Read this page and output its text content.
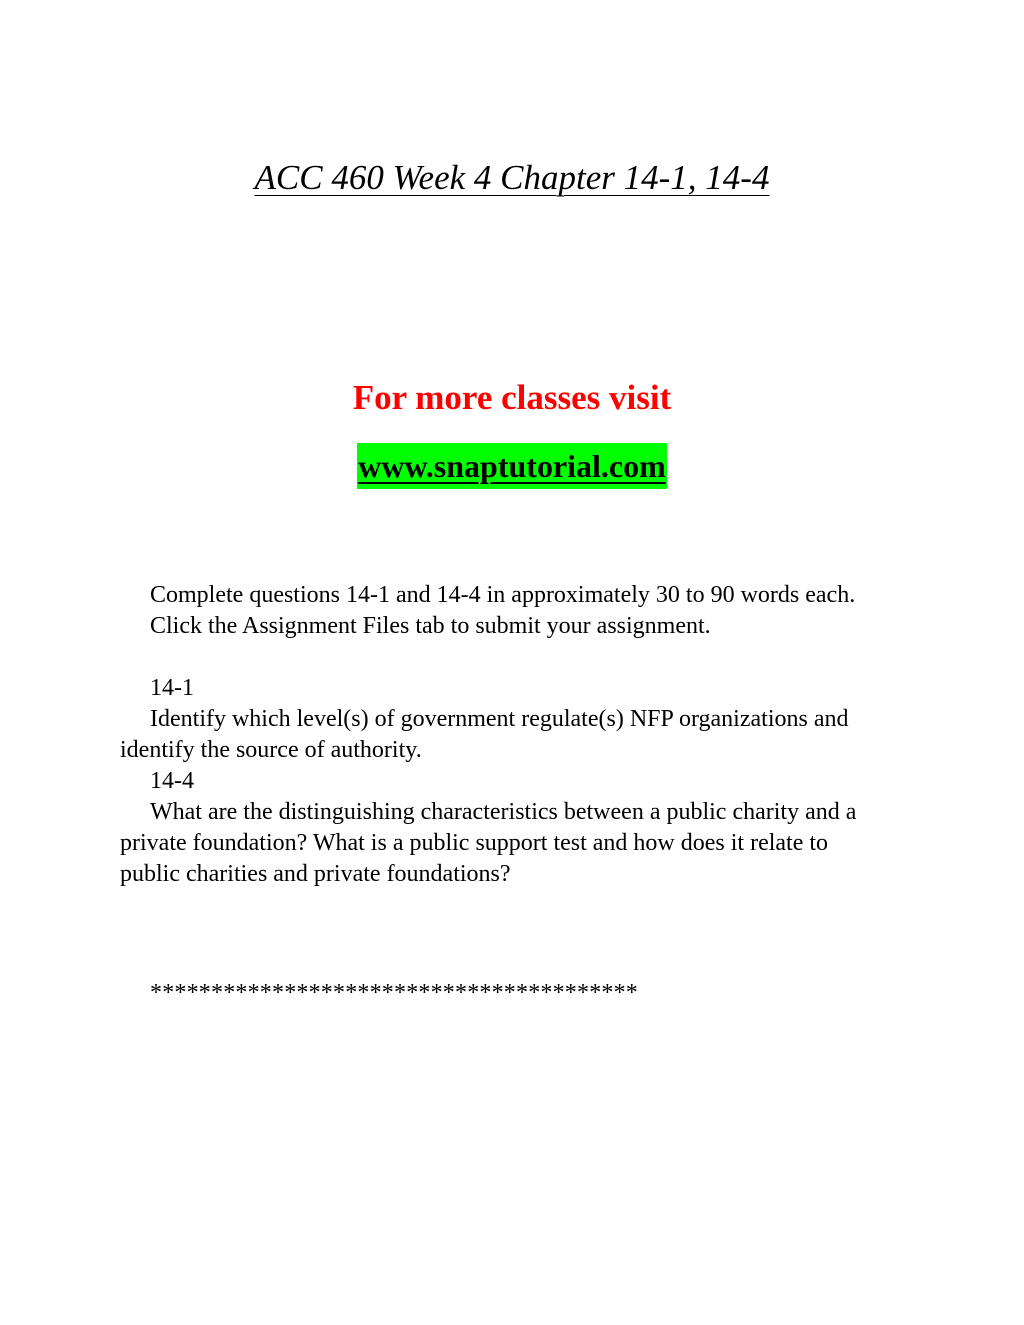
ACC 460 Week 4 Chapter 14-1, 14-4
For more classes visit
www.snaptutorial.com

Complete questions 14-1 and 14-4 in approximately 30 to 90 words each.

Click the Assignment Files tab to submit your assignment.

14-1

Identify which level(s) of government regulate(s) NFP organizations and identify the source of authority.

14-4

What are the distinguishing characteristics between a public charity and a private foundation? What is a public support test and how does it relate to public charities and private foundations?

****************************************
